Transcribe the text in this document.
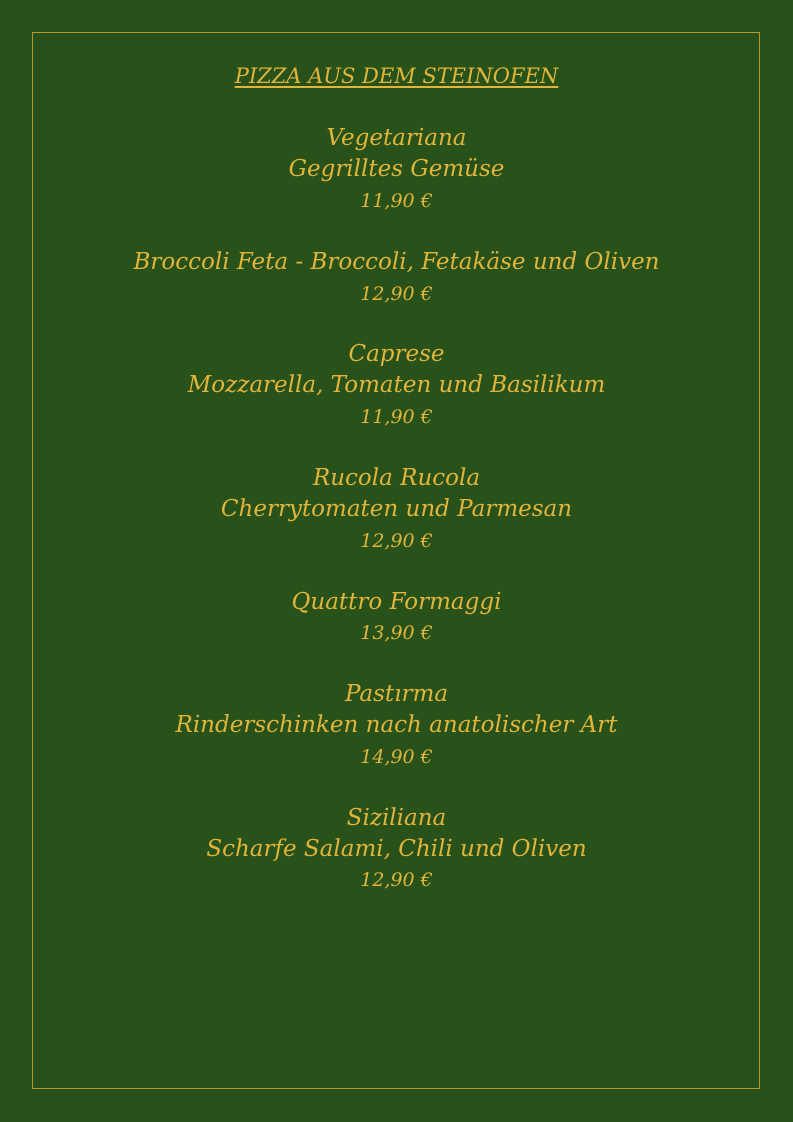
PIZZA AUS DEM STEINOFEN
Vegetariana
Gegrilltes Gemüse
11,90 €
Broccoli Feta - Broccoli, Fetakäse und Oliven
12,90 €
Caprese
Mozzarella, Tomaten und Basilikum
11,90 €
Rucola Rucola
Cherrytomaten und Parmesan
12,90 €
Quattro Formaggi
13,90 €
Pastırma
Rinderschinken nach anatolischer Art
14,90 €
Siziliana
Scharfe Salami, Chili und Oliven
12,90 €
